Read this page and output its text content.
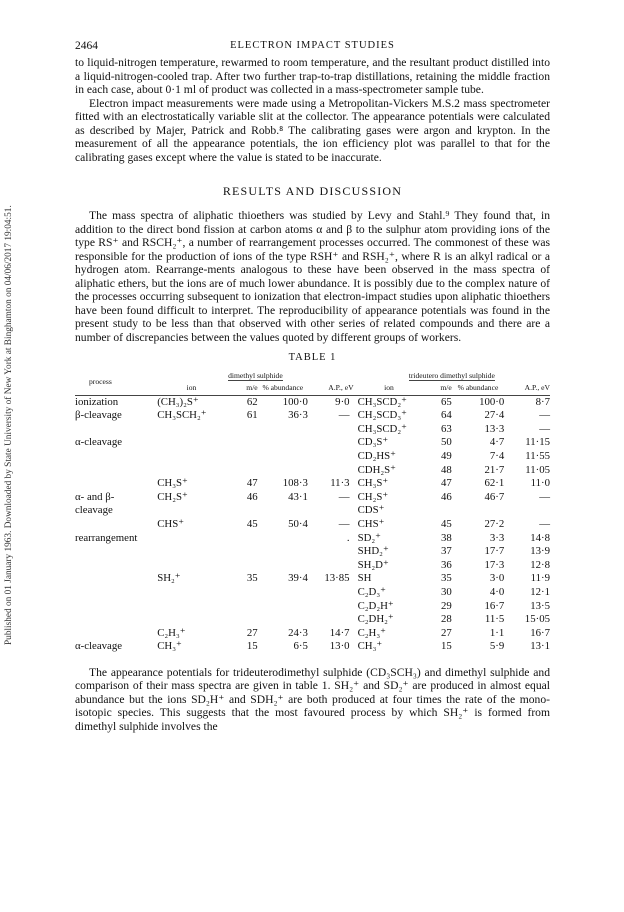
Published on 01 January 1963. Downloaded by State University of New York at Binghamton on 04/06/2017 19:04:51.
2464	ELECTRON IMPACT STUDIES

to liquid-nitrogen temperature, rewarmed to room temperature, and the resultant product distilled into a liquid-nitrogen-cooled trap. After two further trap-to-trap distillations, retaining the middle fraction in each case, about 0·1 ml of product was collected in a mass-spectrometer sample tube.

Electron impact measurements were made using a Metropolitan-Vickers M.S.2 mass spectrometer fitted with an electrostatically variable slit at the collector. The appearance potentials were calculated as described by Majer, Patrick and Robb.⁸ The calibrating gases were argon and krypton. In the measurement of all the appearance potentials, the ion efficiency plot was parallel to that for the calibrating gases except where the value is stated to be inaccurate.

RESULTS AND DISCUSSION

The mass spectra of aliphatic thioethers was studied by Levy and Stahl.⁹ They found that, in addition to the direct bond fission at carbon atoms α and β to the sulphur atom providing ions of the type RS⁺ and RSCH₂⁺, a number of rearrangement processes occurred. The commonest of these was responsible for the production of ions of the type RSH⁺ and RSH₂⁺, where R is an alkyl radical or a hydrogen atom. Rearrange-ments analogous to these have been observed in the mass spectra of aliphatic ethers, but the ions are of much lower abundance. It is possibly due to the complex nature of the processes occurring subsequent to ionization that electron-impact studies upon aliphatic thioethers have been found difficult to interpret. The reproducibility of appearance potentials was found in the present study to be less than that observed with other series of related compounds and there are a number of discrepancies between the values quoted by different groups of workers.

TABLE 1
process	dimethyl sulphide				trideutero dimethyl sulphide			
	ion	m/e	% abundance	A.P., eV	ion	m/e	% abundance	A.P., eV
ionization	(CH₃)₂S⁺	62	100·0	9·0	CH₃SCD₂⁺	65	100·0	8·7
β-cleavage	CH₃SCH₂⁺	61	36·3	—	CH₂SCD₃⁺	64	27·4	—
					CH₃SCD₂⁺	63	13·3	—
α-cleavage					CD₃S⁺	50	4·7	11·15
					CD₂HS⁺	49	7·4	11·55
					CDH₂S⁺	48	21·7	11·05
	CH₃S⁺	47	108·3	11·3	CH₃S⁺	47	62·1	11·0
α- and β-	CH₂S⁺	46	43·1	—	CH₂S⁺	46	46·7	—
cleavage					CDS⁺			
	CHS⁺	45	50·4	—	CHS⁺	45	27·2	—
rearrangement				.	SD₂⁺	38	3·3	14·8
					SHD₂⁺	37	17·7	13·9
					SH₂D⁺	36	17·3	12·8
	SH₂⁺	35	39·4	13·85	SH	35	3·0	11·9
					C₂D₃⁺	30	4·0	12·1
					C₂D₂H⁺	29	16·7	13·5
					C₂DH₂⁺	28	11·5	15·05
	C₂H₃⁺	27	24·3	14·7	C₂H₃⁺	27	1·1	16·7
α-cleavage	CH₃⁺	15	6·5	13·0	CH₃⁺	15	5·9	13·1

The appearance potentials for trideuterodimethyl sulphide (CD₃SCH₃) and dimethyl sulphide and comparison of their mass spectra are given in table 1. SH₂⁺ and SD₂⁺ are produced in almost equal abundance but the ions SD₂H⁺ and SDH₂⁺ are both produced at four times the rate of the mono-isotopic species. This suggests that the most favoured process by which SH₂⁺ is formed from dimethyl sulphide involves the
